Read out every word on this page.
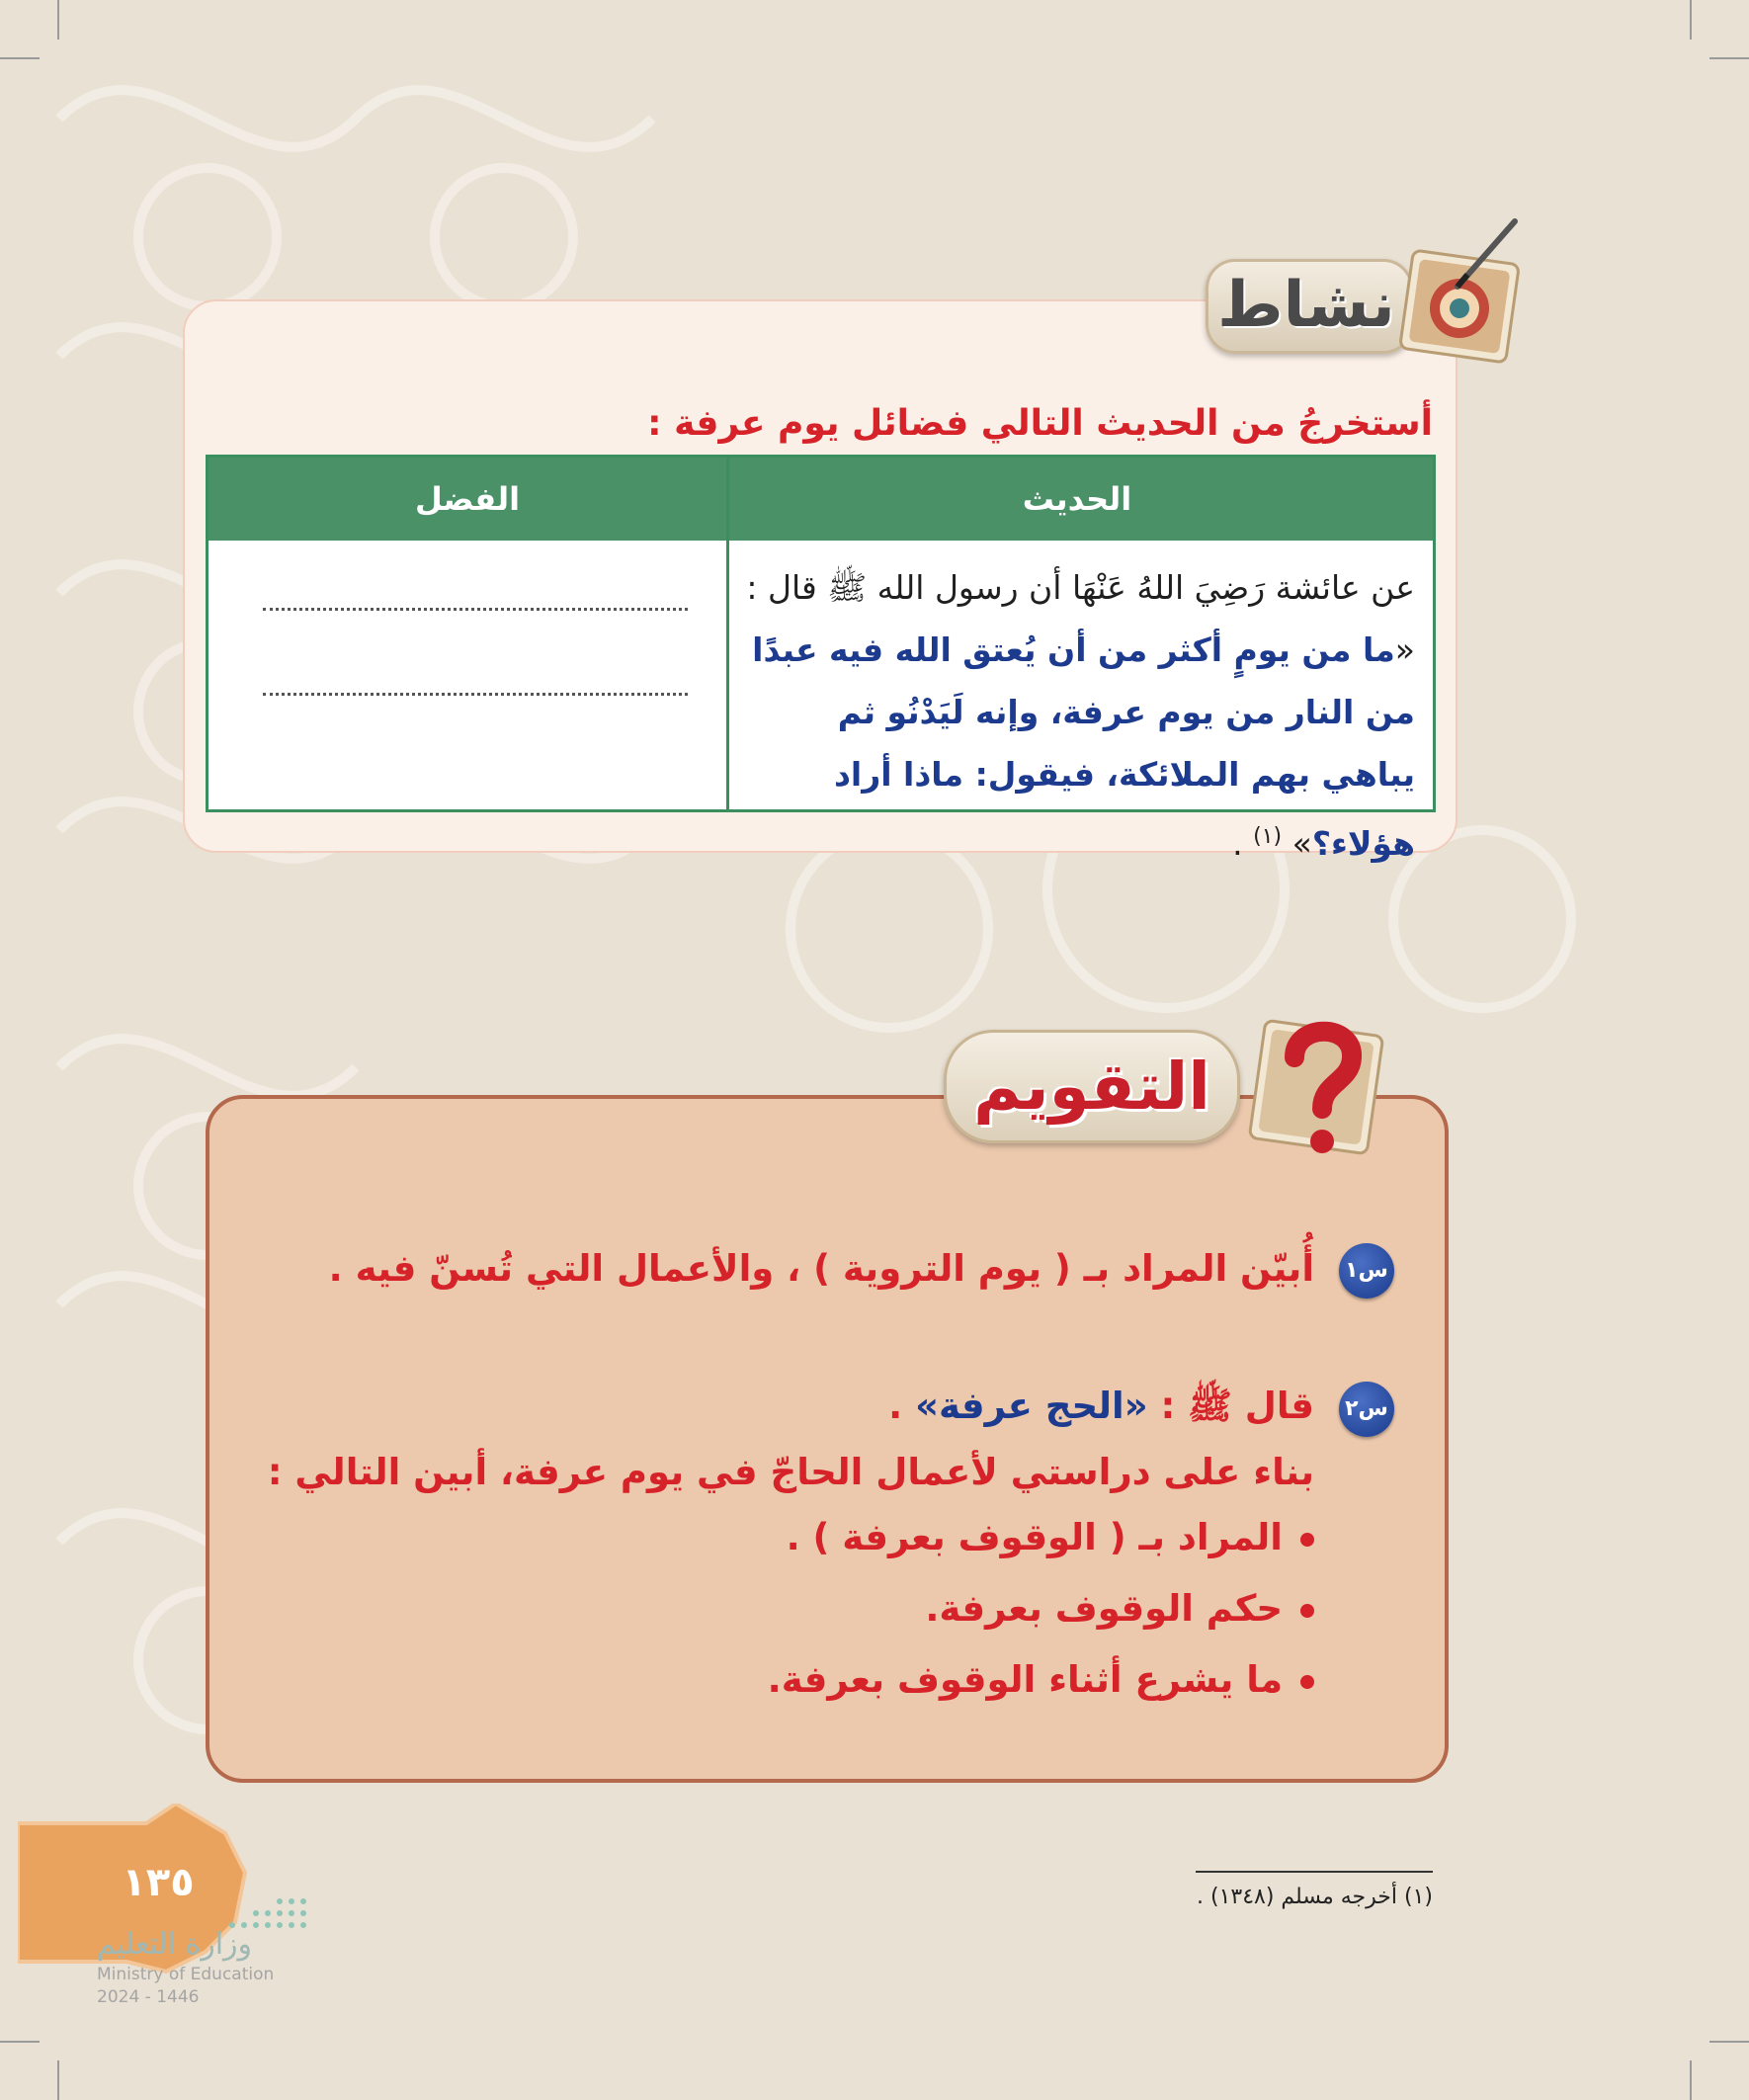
نشاط
أستخرجُ من الحديث التالي فضائل يوم عرفة :
الحديث
الفضل
عن عائشة رَضِيَ اللهُ عَنْهَا أن رسول الله ﷺ قال : «ما من يومٍ أكثر من أن يُعتق الله فيه عبدًا من النار من يوم عرفة، وإنه لَيَدْنُو ثم يباهي بهم الملائكة، فيقول: ماذا أراد هؤلاء؟» $^{(١)}$ .
التقويم
س١
أُبيّن المراد بـ ( يوم التروية ) ، والأعمال التي تُسنّ فيه .
س٢
قال ﷺ : «الحج عرفة» .
بناء على دراستي لأعمال الحاجّ في يوم عرفة، أبين التالي :
المراد بـ ( الوقوف بعرفة ) .
حكم الوقوف بعرفة.
ما يشرع أثناء الوقوف بعرفة.
(١) أخرجه مسلم (١٣٤٨) .
١٣٥
وزارة التعليم
Ministry of Education
2024 - 1446
